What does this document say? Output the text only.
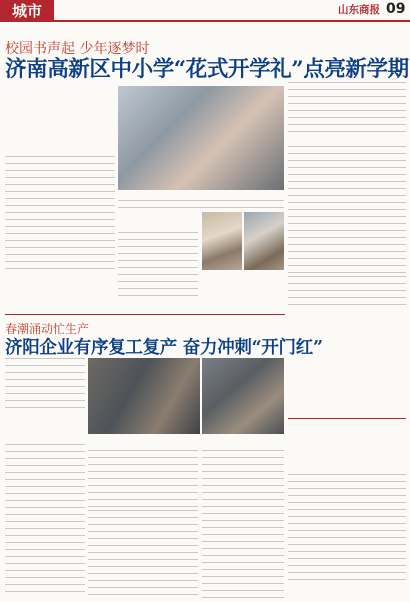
城市	山东商报 09
校园书声起 少年逐梦时
济南高新区中小学“花式开学礼”点亮新学期
春潮涌动忙生产
济阳企业有序复工复产 奋力冲刺“开门红”
